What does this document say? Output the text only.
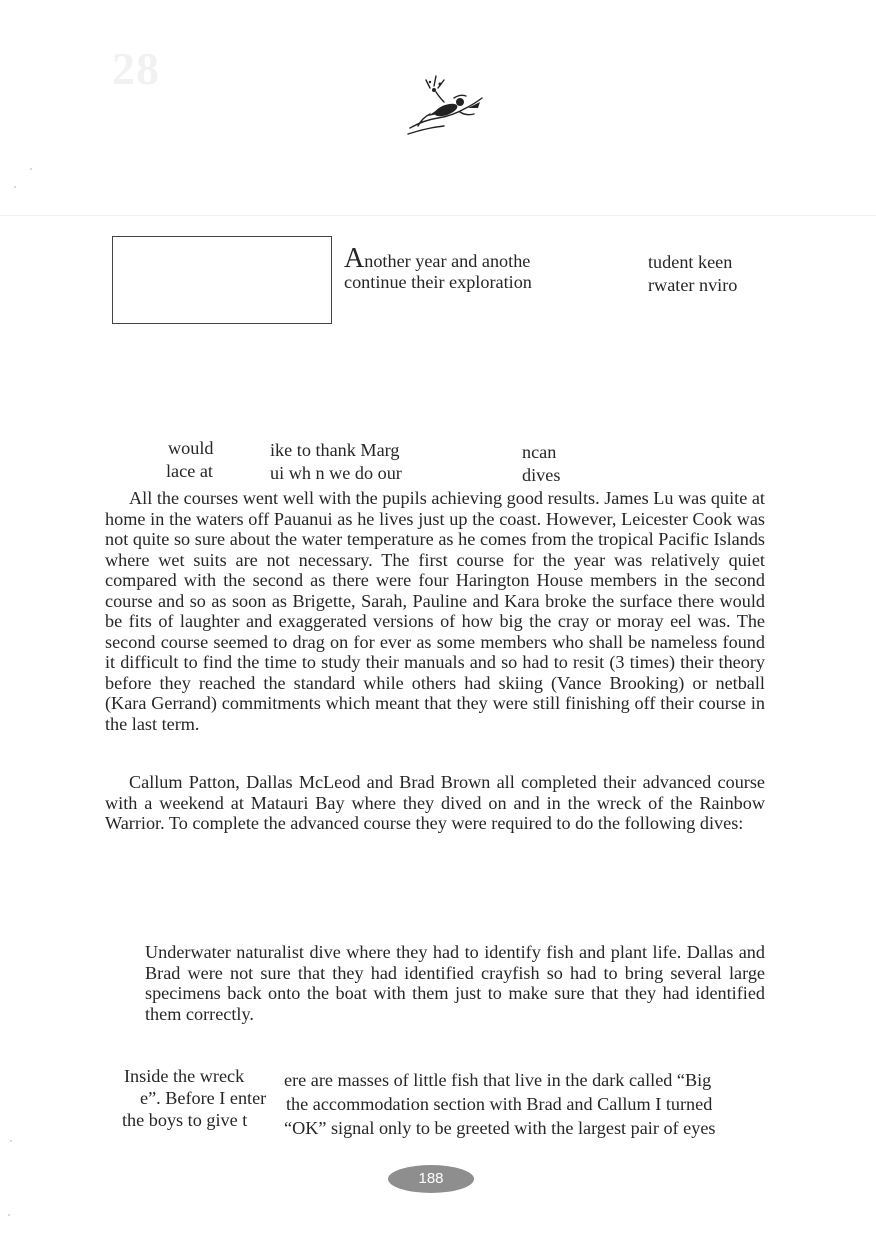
28
Another year and anothe	tudent keen
continue their exploration	rwater nviro
would	ike to thank Marg	ncan
lace at	ui wh n we do our	dives
All the courses went well with the pupils achieving good results. James Lu was quite at home in the waters off Pauanui as he lives just up the coast. However, Leicester Cook was not quite so sure about the water temperature as he comes from the tropical Pacific Islands where wet suits are not necessary. The first course for the year was relatively quiet compared with the second as there were four Harington House members in the second course and so as soon as Brigette, Sarah, Pauline and Kara broke the surface there would be fits of laughter and exaggerated versions of how big the cray or moray eel was. The second course seemed to drag on for ever as some members who shall be nameless found it difficult to find the time to study their manuals and so had to resit (3 times) their theory before they reached the standard while others had skiing (Vance Brooking) or netball (Kara Gerrand) commitments which meant that they were still finishing off their course in the last term.
Callum Patton, Dallas McLeod and Brad Brown all completed their advanced course with a weekend at Matauri Bay where they dived on and in the wreck of the Rainbow Warrior. To complete the advanced course they were required to do the following dives:
Underwater naturalist dive where they had to identify fish and plant life. Dallas and Brad were not sure that they had identified crayfish so had to bring several large specimens back onto the boat with them just to make sure that they had identified them correctly.
Inside the wreck ere are masses of little fish that live in the dark called “Big
e”. Before I enter the accommodation section with Brad and Callum I turned
the boys to give t “OK” signal only to be greeted with the largest pair of eyes
188
